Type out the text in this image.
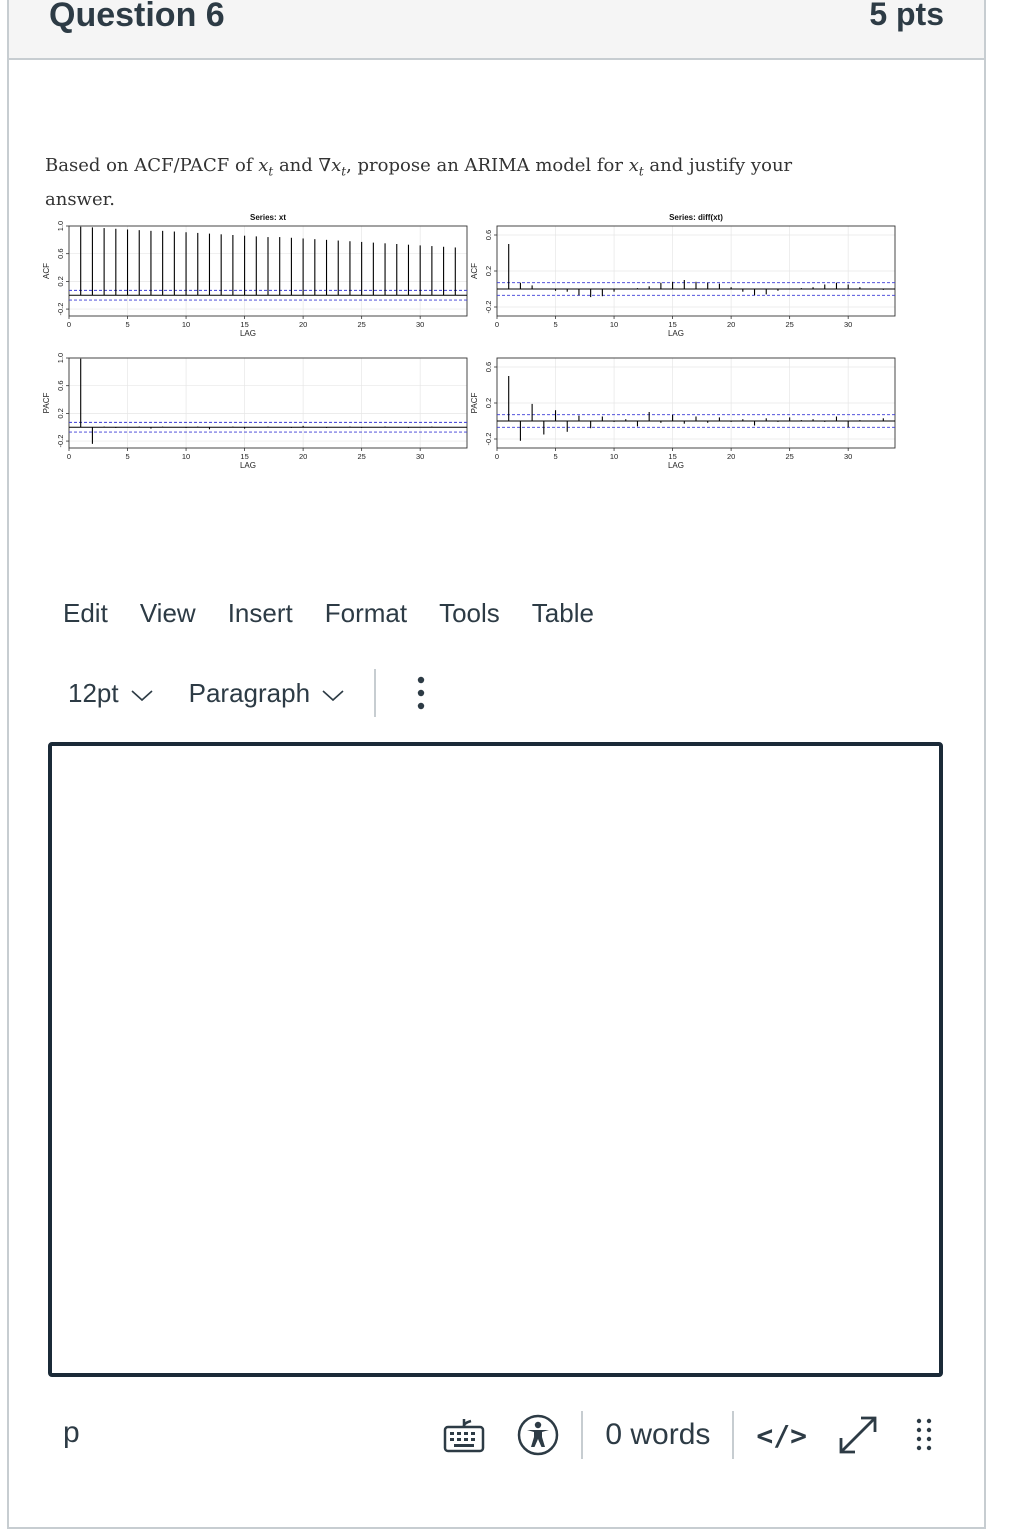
Question 6	5 pts
Based on ACF/PACF of $x_t$ and $\nabla x_t$, propose an ARIMA model for $x_t$ and justify your answer.
0	5	10	15	20	25	30
-0.2
0.2
0.6
1.0
LAG
ACF
Series: xt
0	5	10	15	20	25	30
-0.2
0.2
0.6
LAG
ACF
Series: diff(xt)
0	5	10	15	20	25	30
-0.2
0.2
0.6
1.0
LAG
PACF
0	5	10	15	20	25	30
-0.2
0.2
0.6
LAG
PACF
Edit View Insert Format Tools Table
12pt	Paragraph
p	0 words </>
